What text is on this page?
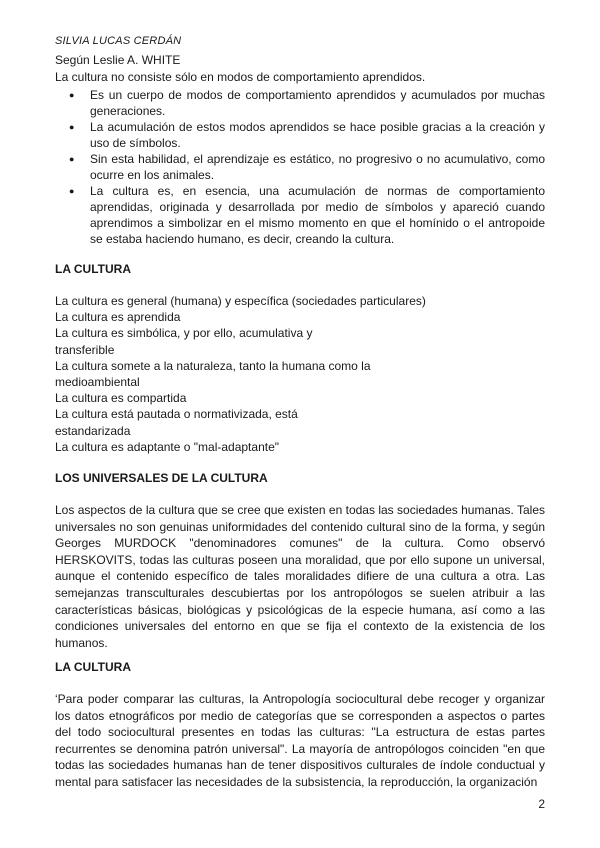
SILVIA LUCAS CERDÁN
Según Leslie A. WHITE
La cultura no consiste sólo en modos de comportamiento aprendidos.
● Es un cuerpo de modos de comportamiento aprendidos y acumulados por muchas generaciones.
● La acumulación de estos modos aprendidos se hace posible gracias a la creación y uso de símbolos.
● Sin esta habilidad, el aprendizaje es estático, no progresivo o no acumulativo, como ocurre en los animales.
● La cultura es, en esencia, una acumulación de normas de comportamiento aprendidas, originada y desarrollada por medio de símbolos y apareció cuando aprendimos a simbolizar en el mismo momento en que el homínido o el antropoide se estaba haciendo humano, es decir, creando la cultura.
LA CULTURA
La cultura es general (humana) y específica (sociedades particulares)
La cultura es aprendida
La cultura es simbólica, y por ello, acumulativa y
transferible
La cultura somete a la naturaleza, tanto la humana como la
medioambiental
La cultura es compartida
La cultura está pautada o normativizada, está
estandarizada
La cultura es adaptante o "mal-adaptante"
LOS UNIVERSALES DE LA CULTURA

Los aspectos de la cultura que se cree que existen en todas las sociedades humanas. Tales universales no son genuinas uniformidades del contenido cultural sino de la forma, y según Georges MURDOCK "denominadores comunes" de la cultura. Como observó HERSKOVITS, todas las culturas poseen una moralidad, que por ello supone un universal, aunque el contenido específico de tales moralidades difiere de una cultura a otra. Las semejanzas transculturales descubiertas por los antropólogos se suelen atribuir a las características básicas, biológicas y psicológicas de la especie humana, así como a las condiciones universales del entorno en que se fija el contexto de la existencia de los humanos.

LA CULTURA

‘Para poder comparar las culturas, la Antropología sociocultural debe recoger y organizar los datos etnográficos por medio de categorías que se corresponden a aspectos o partes del todo sociocultural presentes en todas las culturas: "La estructura de estas partes recurrentes se denomina patrón universal". La mayoría de antropólogos coinciden "en que todas las sociedades humanas han de tener dispositivos culturales de índole conductual y mental para satisfacer las necesidades de la subsistencia, la reproducción, la organización

2
